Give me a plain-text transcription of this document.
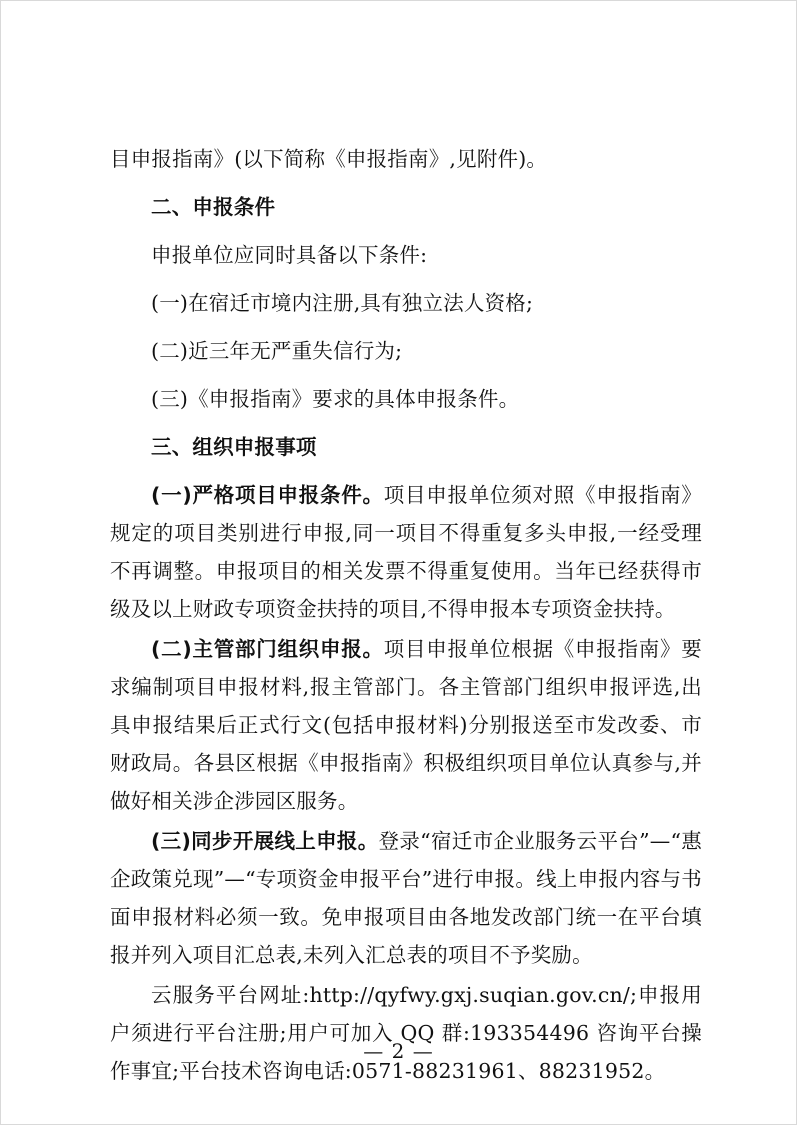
目申报指南》(以下简称《申报指南》,见附件)。

二、申报条件

申报单位应同时具备以下条件:

(一)在宿迁市境内注册,具有独立法人资格;

(二)近三年无严重失信行为;

(三)《申报指南》要求的具体申报条件。

三、组织申报事项

(一)严格项目申报条件。项目申报单位须对照《申报指南》规定的项目类别进行申报,同一项目不得重复多头申报,一经受理不再调整。申报项目的相关发票不得重复使用。当年已经获得市级及以上财政专项资金扶持的项目,不得申报本专项资金扶持。

(二)主管部门组织申报。项目申报单位根据《申报指南》要求编制项目申报材料,报主管部门。各主管部门组织申报评选,出具申报结果后正式行文(包括申报材料)分别报送至市发改委、市财政局。各县区根据《申报指南》积极组织项目单位认真参与,并做好相关涉企涉园区服务。

(三)同步开展线上申报。登录“宿迁市企业服务云平台”—“惠企政策兑现”—“专项资金申报平台”进行申报。线上申报内容与书面申报材料必须一致。免申报项目由各地发改部门统一在平台填报并列入项目汇总表,未列入汇总表的项目不予奖励。

云服务平台网址:http://qyfwy.gxj.suqian.gov.cn/;申报用户须进行平台注册;用户可加入 QQ 群:193354496 咨询平台操作事宜;平台技术咨询电话:0571-88231961、88231952。

— 2 —
